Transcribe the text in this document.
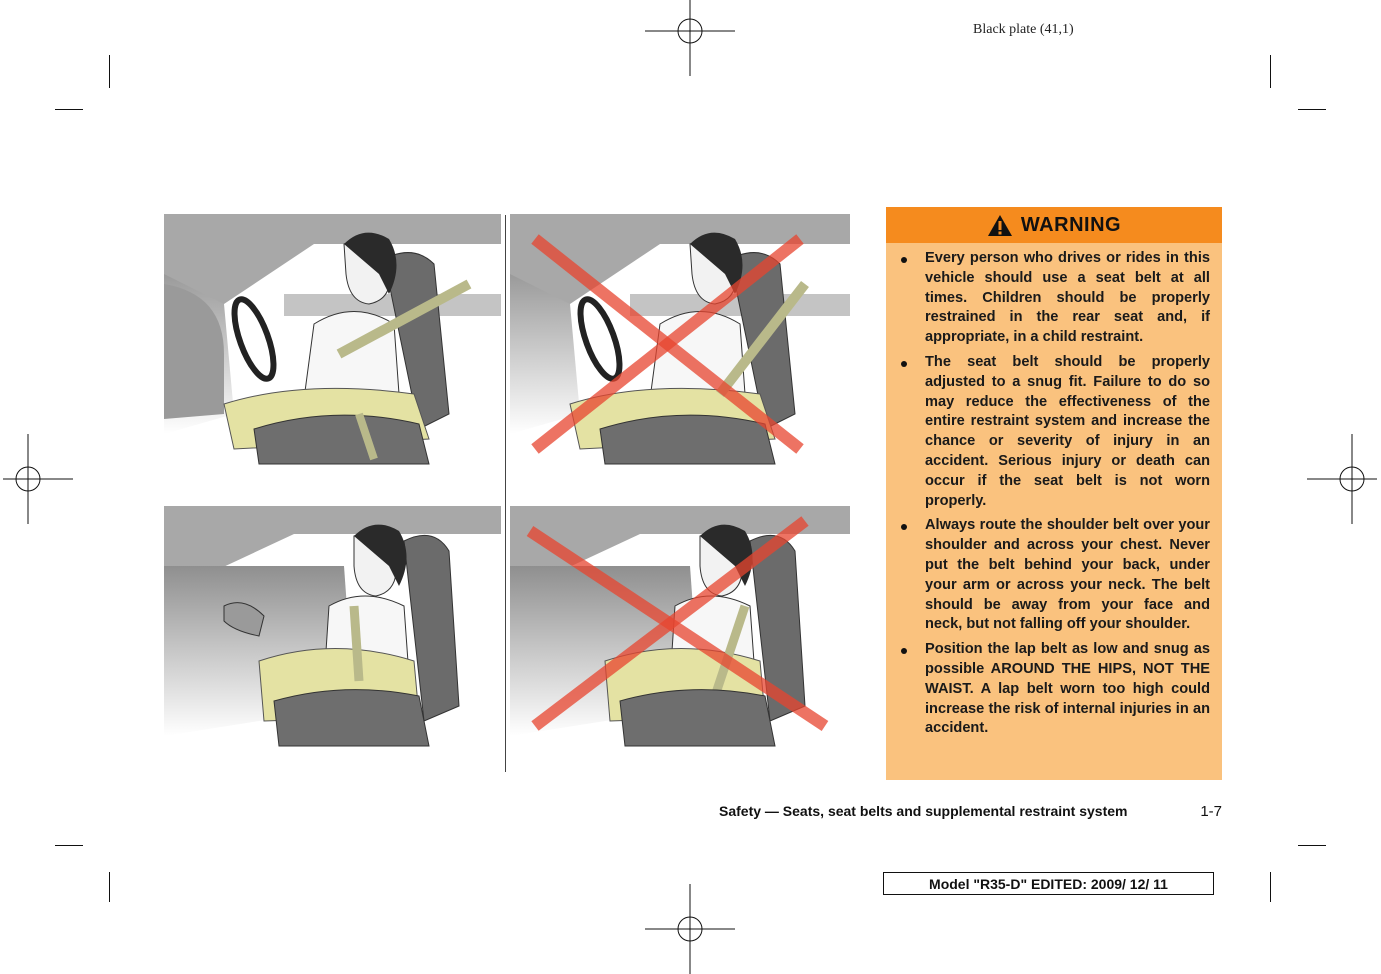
Black plate (41,1)
WARNING
Every person who drives or rides in this vehicle should use a seat belt at all times. Children should be properly restrained in the rear seat and, if appropriate, in a child restraint.
The seat belt should be properly adjusted to a snug fit. Failure to do so may reduce the effectiveness of the entire restraint system and increase the chance or severity of injury in an accident. Serious injury or death can occur if the seat belt is not worn properly.
Always route the shoulder belt over your shoulder and across your chest. Never put the belt behind your back, under your arm or across your neck. The belt should be away from your face and neck, but not falling off your shoulder.
Position the lap belt as low and snug as possible AROUND THE HIPS, NOT THE WAIST. A lap belt worn too high could increase the risk of internal injuries in an accident.
Safety — Seats, seat belts and supplemental restraint system	1-7
Model "R35-D" EDITED: 2009/ 12/ 11
